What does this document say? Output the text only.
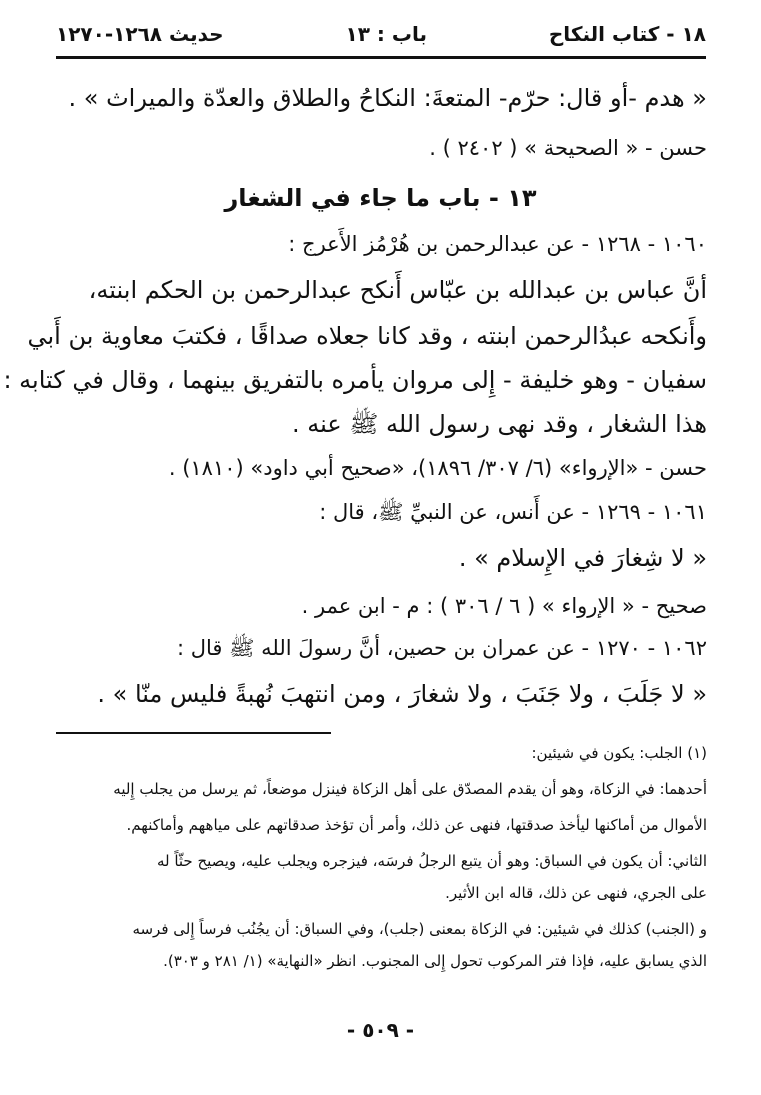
١٨ - كتاب النكاح
باب : ١٣
حديث ١٢٦٨-١٢٧٠
« هدم -أو قال: حرّم- المتعةَ: النكاحُ والطلاق والعدّة والميراث » .
حسن - « الصحيحة » ( ٢٤٠٢ ) .
١٣ - باب ما جاء في الشغار
١٠٦٠ - ١٢٦٨ - عن عبدالرحمن بن هُرْمُز الأَعرج :
أنَّ عباس بن عبدالله بن عبّاس أَنكح عبدالرحمن بن الحكم ابنته،
وأَنكحه عبدُالرحمن ابنته ، وقد كانا جعلاه صداقًا ، فكتبَ معاوية بن أَبي
سفيان - وهو خليفة - إِلى مروان يأمره بالتفريق بينهما ، وقال في كتابه :
هذا الشغار ، وقد نهى رسول الله ﷺ عنه .
حسن - «الإرواء» (٦/ ٣٠٧/ ١٨٩٦)، «صحيح أبي داود» (١٨١٠) .
١٠٦١ - ١٢٦٩ - عن أَنس، عن النبيِّ ﷺ، قال :
« لا شِغارَ في الإِسلام » .
صحيح - « الإرواء » ( ٦ / ٣٠٦ ) : م - ابن عمر .
١٠٦٢ - ١٢٧٠ - عن عمران بن حصين، أنَّ رسولَ الله ﷺ قال :
« لا جَلَبَ ، ولا جَنَبَ ، ولا شغارَ ، ومن انتهبَ نُهبةً فليس منّا » .
(١) الجلب: يكون في شيئين:
أحدهما: في الزكاة، وهو أن يقدم المصدّق على أهل الزكاة فينزل موضعاً، ثم يرسل من يجلب إِليه
الأموال من أماكنها ليأخذ صدقتها، فنهى عن ذلك، وأمر أن تؤخذ صدقاتهم على مياههم وأماكنهم.
الثاني: أن يكون في السباق: وهو أن يتبع الرجلُ فرسَه، فيزجره ويجلب عليه، ويصيح حثّاً له
على الجري، فنهى عن ذلك، قاله ابن الأثير.
و (الجنب) كذلك في شيئين: في الزكاة بمعنى (جلب)، وفي السباق: أن يجُنُب فرساً إِلى فرسه
الذي يسابق عليه، فإذا فتر المركوب تحول إِلى المجنوب. انظر «النهاية» (١/ ٢٨١ و ٣٠٣).
- ٥٠٩ -
